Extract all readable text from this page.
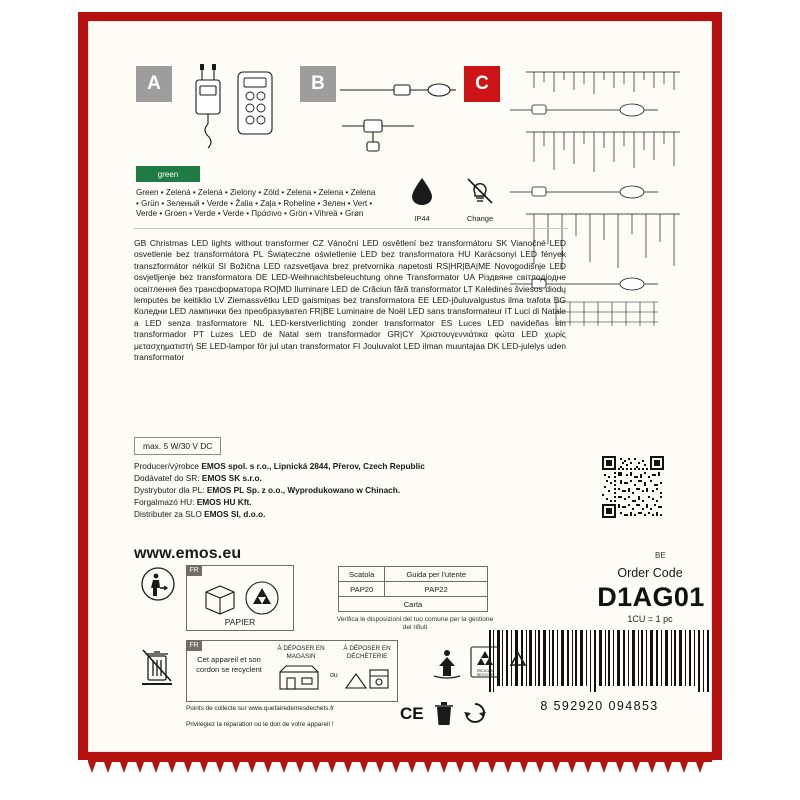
A	B	C
green
Green • Zelená • Zelená • Zielony • Zöld • Zelena • Zelena • Zelena • Grün • Зеленый • Verde • Žalia • Zaļa • Roheline • Зелен • Vert • Verde • Groen • Verde • Verde • Πράσινο • Grön • Vihreä • Grøn
IP44	Change
GB Christmas LED lights without transformer CZ Vánoční LED osvětlení bez transformátoru SK Vianočné LED osvetlenie bez transformátora PL Świąteczne oświetlenie LED bez transformatora HU Karácsonyi LED fények transzformátor nélkül SI Božična LED razsvetljava brez pretvornika napetosti RS|HR|BA|ME Novogodišnje LED osvjetljenje bez transformatora DE LED-Weihnachtsbeleuchtung ohne Transformator UA Різдвяне світлодіодне освітлення без трансформатора RO|MD Iluminare LED de Crăciun fără transformator LT Kalėdinės šviesos diodų lemputės be keitiklio LV Ziemassvētku LED gaismiņas bez transformatora EE LED-jõuluvalgustus ilma trafota BG Коледни LED лампички без преобразувател FR|BE Luminaire de Noël LED sans transformateur IT Luci di Natale a LED senza trasformatore NL LED-kerstverlichting zonder transformator ES Luces LED navideñas sin transformador PT Luzes LED de Natal sem transformador GR|CY Χριστουγεννιάτικα φώτα LED χωρίς μετασχηματιστή SE LED-lampor för jul utan transformator FI Jouluvalot LED ilman muuntajaa DK LED-julelys uden transformator
max. 5 W/30 V DC
Producer/výrobce EMOS spol. s r.o., Lipnická 2844, Přerov, Czech Republic
Dodávateľ do SR: EMOS SK s.r.o.
Dystrybutor dla PL: EMOS PL Sp. z o.o., Wyprodukowano w Chinach.
Forgalmazó HU: EMOS HU Kft.
Distributer za SLO EMOS SI, d.o.o.
www.emos.eu	BE
Order Code
D1AG01
1CU = 1 pc
8 592920 094853
FR
PAPIER
Scatola	Guida per l'utente
PAP20	PAP22
Carta	
Verifica le disposizioni del tuo comune per la gestione dei rifiuti
FR
Cet appareil et son cordon se recyclent
À DÉPOSER EN MAGASIN
À DÉPOSER EN DÉCHÈTERIE
ou
Points de collecte sur www.quefairedemesdechets.fr
Privilégiez la réparation ou le don de votre appareil !
RICICLA
RECYCLE
CE
